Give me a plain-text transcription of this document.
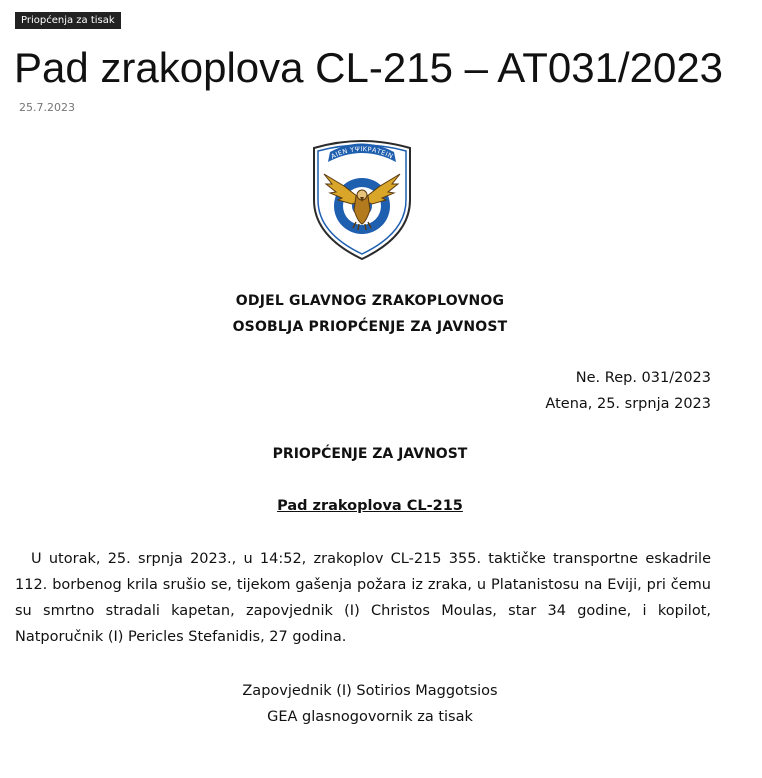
Priopćenja za tisak
Pad zrakoplova CL-215 – AT031/2023
25.7.2023
ΑΙΕΝ ΥΨΙΚΡΑΤΕΙΝ
ODJEL GLAVNOG ZRAKOPLOVNOG
OSOBLJA PRIOPĆENJE ZA JAVNOST
Ne. Rep. 031/2023
Atena, 25. srpnja 2023
PRIOPĆENJE ZA JAVNOST
Pad zrakoplova CL-215

U utorak, 25. srpnja 2023., u 14:52, zrakoplov CL-215 355. taktičke transportne eskadrile 112. borbenog krila srušio se, tijekom gašenja požara iz zraka, u Platanistosu na Eviji, pri čemu su smrtno stradali kapetan, zapovjednik (I) Christos Moulas, star 34 godine, i kopilot, Natporučnik (I) Pericles Stefanidis, 27 godina.

Zapovjednik (I) Sotirios Maggotsios
GEA glasnogovornik za tisak
